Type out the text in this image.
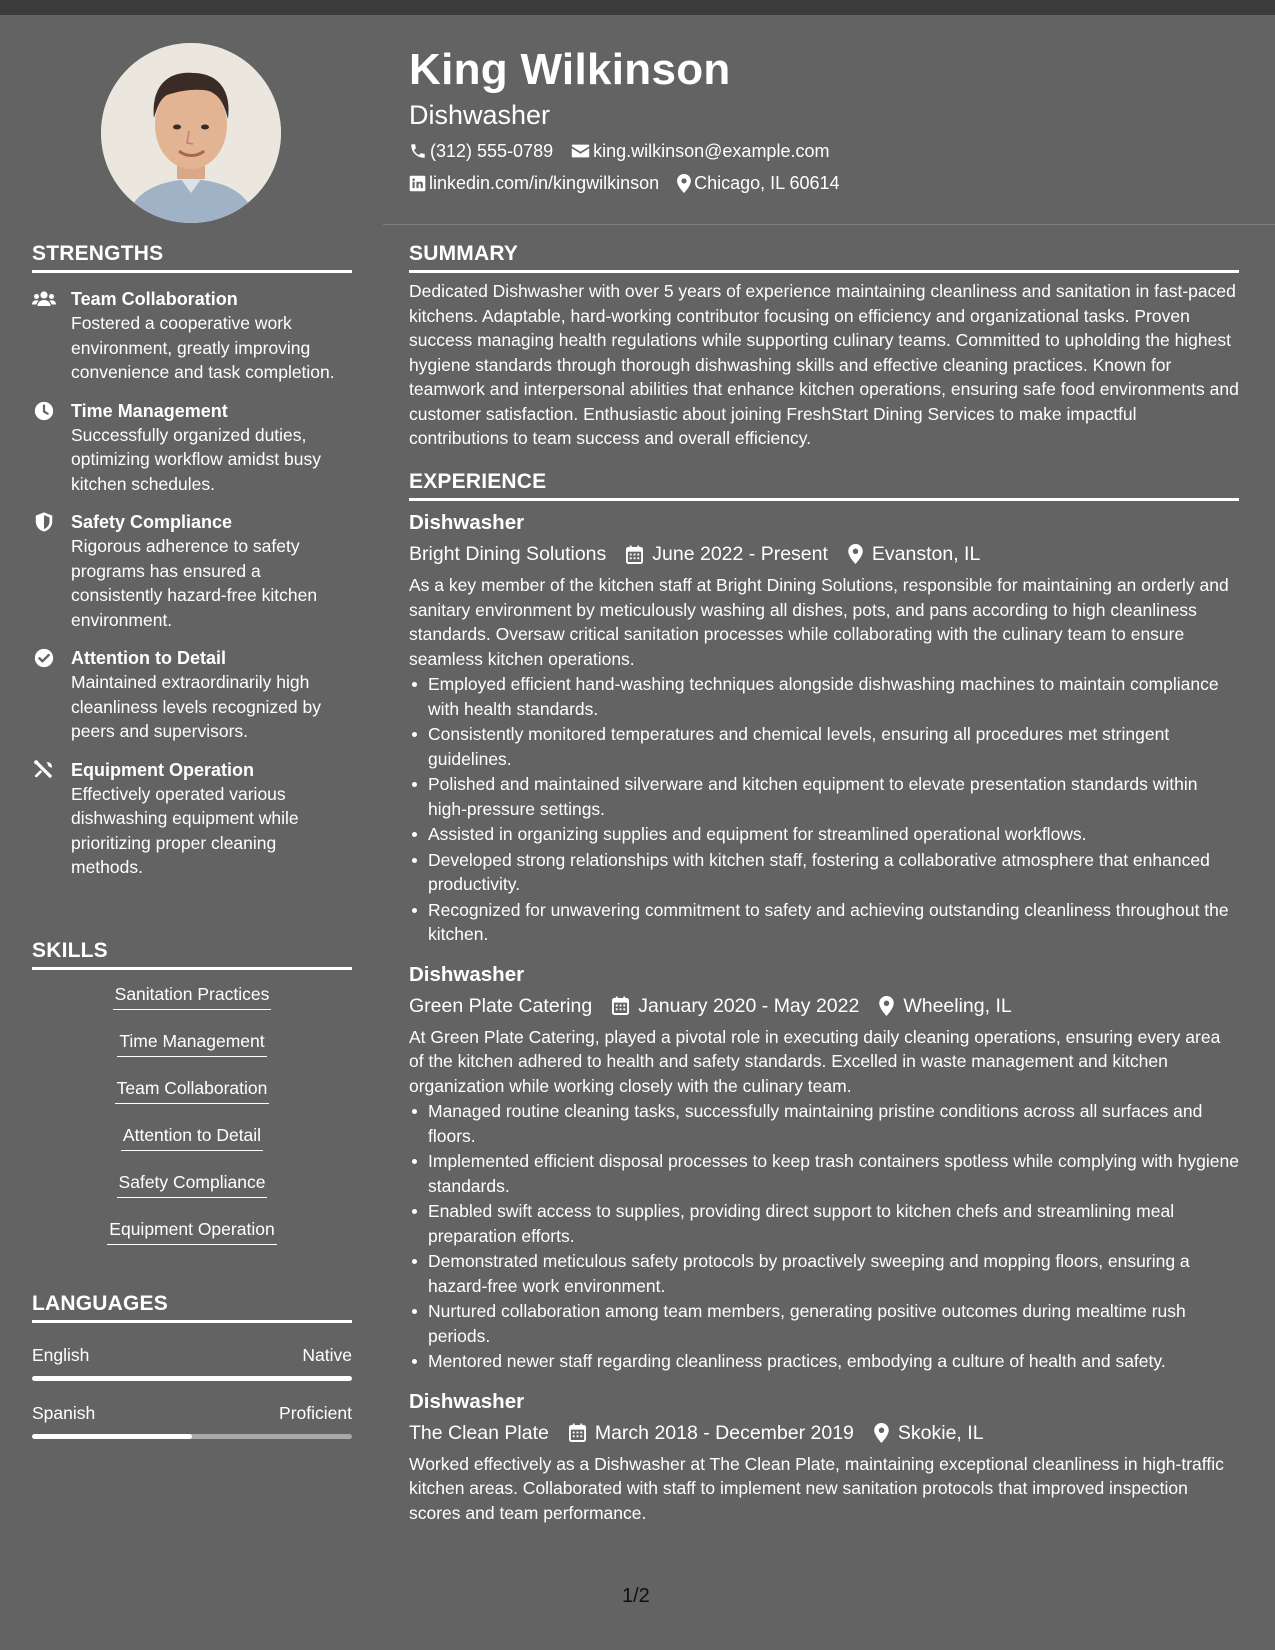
King Wilkinson
Dishwasher
(312) 555-0789 king.wilkinson@example.com
linkedin.com/in/kingwilkinson Chicago, IL 60614
STRENGTHS
Team Collaboration
Fostered a cooperative work environment, greatly improving convenience and task completion.
Time Management
Successfully organized duties, optimizing workflow amidst busy kitchen schedules.
Safety Compliance
Rigorous adherence to safety programs has ensured a consistently hazard-free kitchen environment.
Attention to Detail
Maintained extraordinarily high cleanliness levels recognized by peers and supervisors.
Equipment Operation
Effectively operated various dishwashing equipment while prioritizing proper cleaning methods.
SKILLS
Sanitation Practices
Time Management
Team Collaboration
Attention to Detail
Safety Compliance
Equipment Operation
LANGUAGES
English	Native
Spanish	Proficient
SUMMARY
Dedicated Dishwasher with over 5 years of experience maintaining cleanliness and sanitation in fast-paced kitchens. Adaptable, hard-working contributor focusing on efficiency and organizational tasks. Proven success managing health regulations while supporting culinary teams. Committed to upholding the highest hygiene standards through thorough dishwashing skills and effective cleaning practices. Known for teamwork and interpersonal abilities that enhance kitchen operations, ensuring safe food environments and customer satisfaction. Enthusiastic about joining FreshStart Dining Services to make impactful contributions to team success and overall efficiency.
EXPERIENCE
Dishwasher
Bright Dining Solutions June 2022 - Present Evanston, IL
As a key member of the kitchen staff at Bright Dining Solutions, responsible for maintaining an orderly and sanitary environment by meticulously washing all dishes, pots, and pans according to high cleanliness standards. Oversaw critical sanitation processes while collaborating with the culinary team to ensure seamless kitchen operations.
Employed efficient hand-washing techniques alongside dishwashing machines to maintain compliance with health standards.
Consistently monitored temperatures and chemical levels, ensuring all procedures met stringent guidelines.
Polished and maintained silverware and kitchen equipment to elevate presentation standards within high-pressure settings.
Assisted in organizing supplies and equipment for streamlined operational workflows.
Developed strong relationships with kitchen staff, fostering a collaborative atmosphere that enhanced productivity.
Recognized for unwavering commitment to safety and achieving outstanding cleanliness throughout the kitchen.
Dishwasher
Green Plate Catering January 2020 - May 2022 Wheeling, IL
At Green Plate Catering, played a pivotal role in executing daily cleaning operations, ensuring every area of the kitchen adhered to health and safety standards. Excelled in waste management and kitchen organization while working closely with the culinary team.
Managed routine cleaning tasks, successfully maintaining pristine conditions across all surfaces and floors.
Implemented efficient disposal processes to keep trash containers spotless while complying with hygiene standards.
Enabled swift access to supplies, providing direct support to kitchen chefs and streamlining meal preparation efforts.
Demonstrated meticulous safety protocols by proactively sweeping and mopping floors, ensuring a hazard-free work environment.
Nurtured collaboration among team members, generating positive outcomes during mealtime rush periods.
Mentored newer staff regarding cleanliness practices, embodying a culture of health and safety.
Dishwasher
The Clean Plate March 2018 - December 2019 Skokie, IL
Worked effectively as a Dishwasher at The Clean Plate, maintaining exceptional cleanliness in high-traffic kitchen areas. Collaborated with staff to implement new sanitation protocols that improved inspection scores and team performance.
1/2
